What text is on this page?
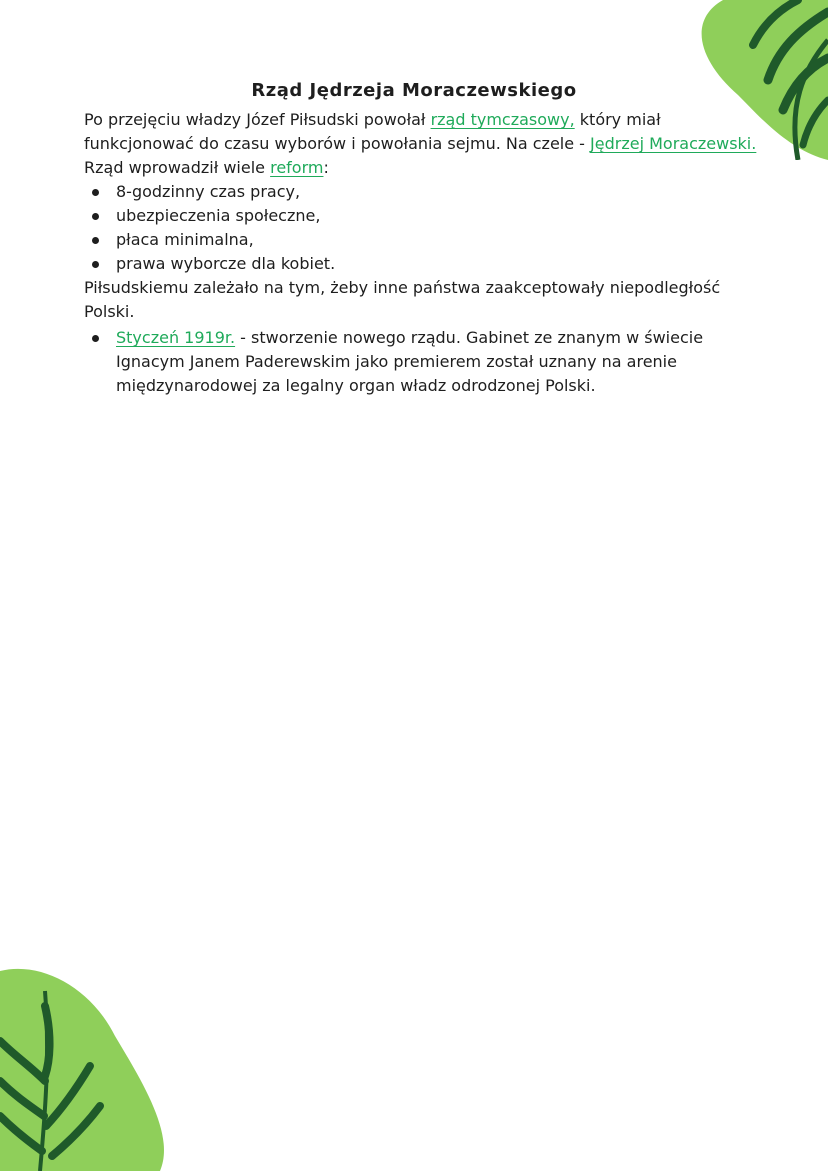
Rząd Jędrzeja Moraczewskiego

Po przejęciu władzy Józef Piłsudski powołał rząd tymczasowy, który miał funkcjonować do czasu wyborów i powołania sejmu. Na czele - Jędrzej Moraczewski.

Rząd wprowadził wiele reform:

8-godzinny czas pracy,
ubezpieczenia społeczne,
płaca minimalna,
prawa wyborcze dla kobiet.

Piłsudskiemu zależało na tym, żeby inne państwa zaakceptowały niepodległość Polski.

Styczeń 1919r. - stworzenie nowego rządu. Gabinet ze znanym w świecie Ignacym Janem Paderewskim jako premierem został uznany na arenie międzynarodowej za legalny organ władz odrodzonej Polski.
